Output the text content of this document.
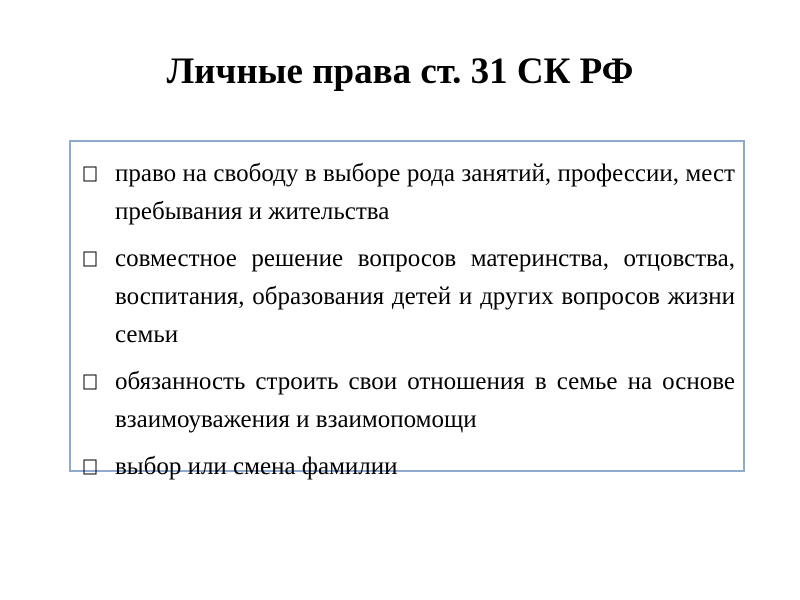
Личные права ст. 31 СК РФ
право на свободу в выборе рода занятий, профессии, мест пребывания и жительства
совместное решение вопросов материнства, отцовства, воспитания, образования детей и других вопросов жизни семьи
обязанность строить свои отношения в семье на основе взаимоуважения и взаимопомощи
выбор или смена фамилии
